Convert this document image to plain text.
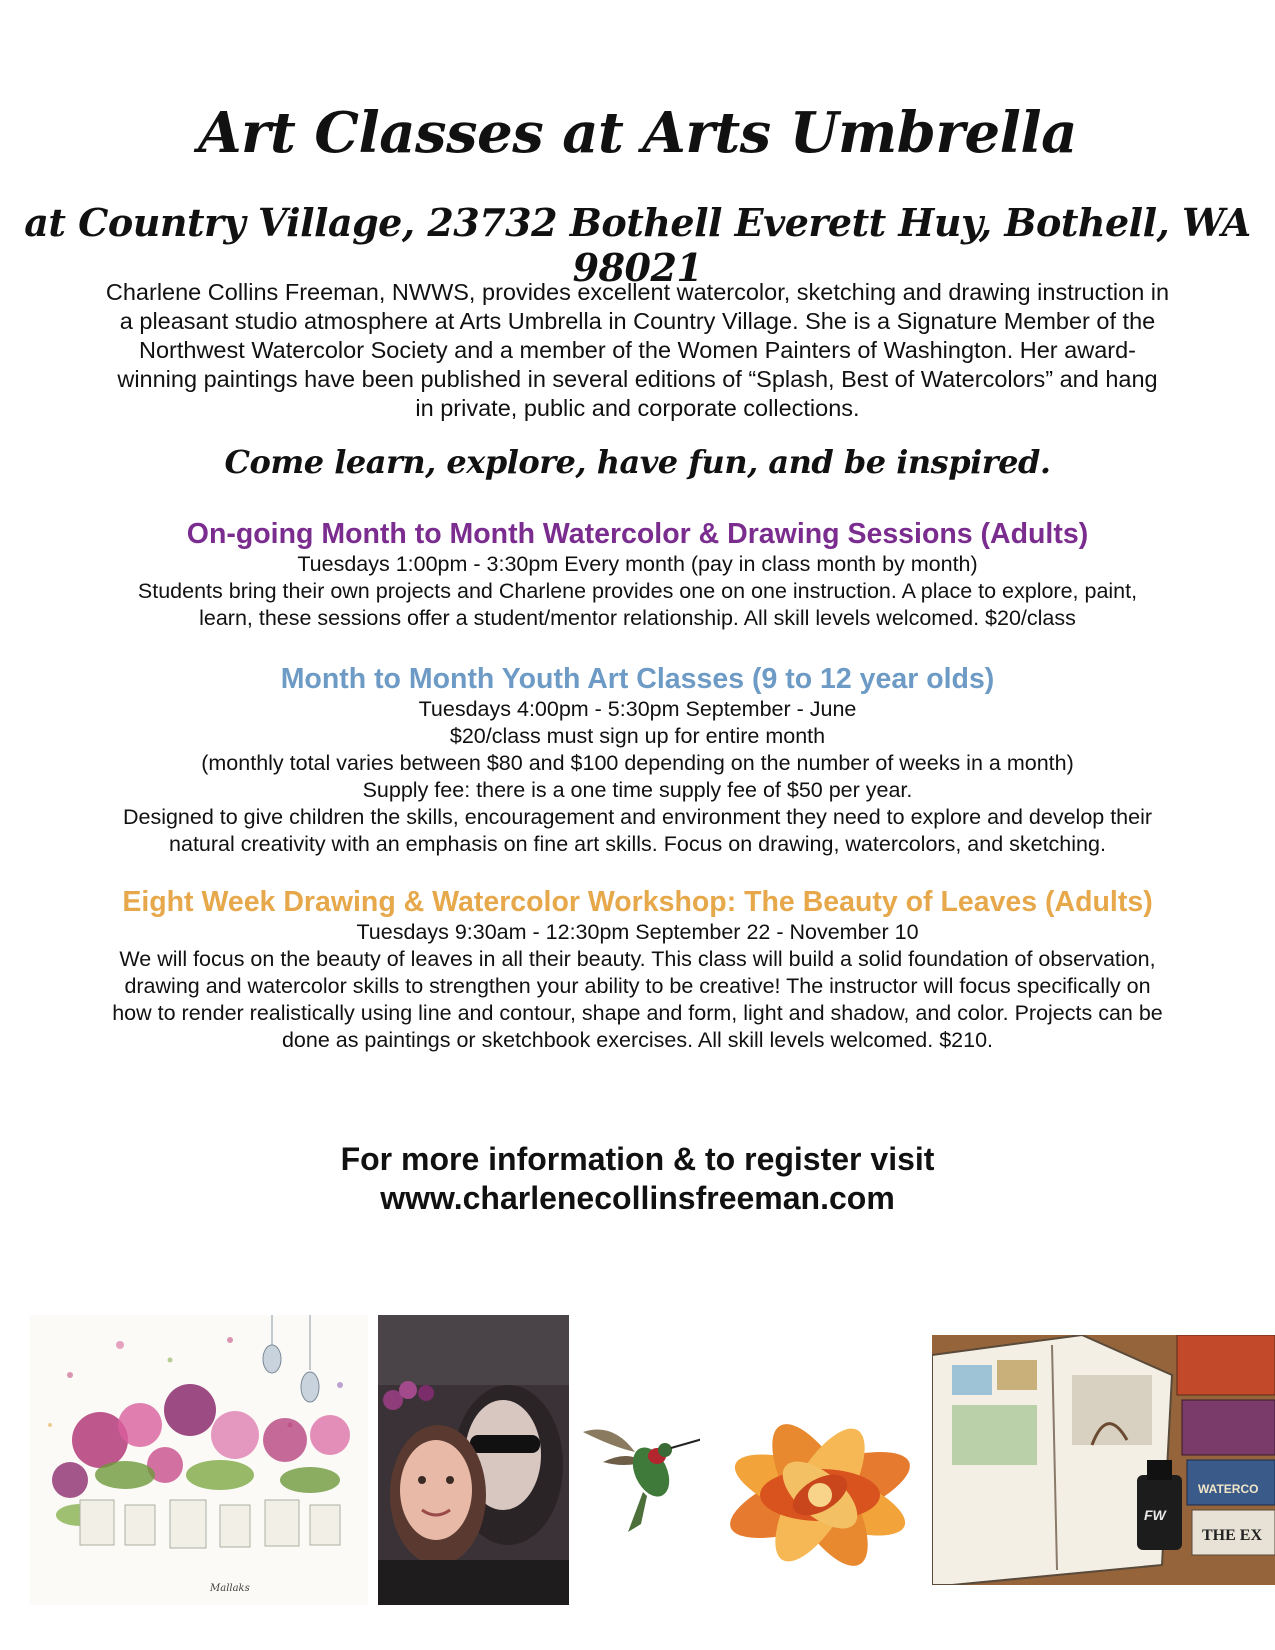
Art Classes at Arts Umbrella
at Country Village, 23732 Bothell Everett Huy, Bothell, WA 98021
Charlene Collins Freeman, NWWS, provides excellent watercolor, sketching and drawing instruction in
a pleasant studio atmosphere at Arts Umbrella in Country Village. She is a Signature Member of the
Northwest Watercolor Society and a member of the Women Painters of Washington. Her award-
winning paintings have been published in several editions of “Splash, Best of Watercolors” and hang
in private, public and corporate collections.
Come learn, explore, have fun, and be inspired.
On-going Month to Month Watercolor & Drawing Sessions (Adults)

Tuesdays 1:00pm - 3:30pm Every month (pay in class month by month)

Students bring their own projects and Charlene provides one on one instruction. A place to explore, paint,

learn, these sessions offer a student/mentor relationship. All skill levels welcomed. $20/class

Month to Month Youth Art Classes (9 to 12 year olds)

Tuesdays 4:00pm - 5:30pm September - June

$20/class must sign up for entire month

(monthly total varies between $80 and $100 depending on the number of weeks in a month)

Supply fee: there is a one time supply fee of $50 per year.

Designed to give children the skills, encouragement and environment they need to explore and develop their

natural creativity with an emphasis on fine art skills. Focus on drawing, watercolors, and sketching.

Eight Week Drawing & Watercolor Workshop: The Beauty of Leaves (Adults)

Tuesdays 9:30am - 12:30pm September 22 - November 10

We will focus on the beauty of leaves in all their beauty. This class will build a solid foundation of observation,

drawing and watercolor skills to strengthen your ability to be creative! The instructor will focus specifically on

how to render realistically using line and contour, shape and form, light and shadow, and color. Projects can be

done as paintings or sketchbook exercises. All skill levels welcomed. $210.

For more information & to register visit
www.charlenecollinsfreeman.com
Mallaks
WATERCO
THE EX
FW
